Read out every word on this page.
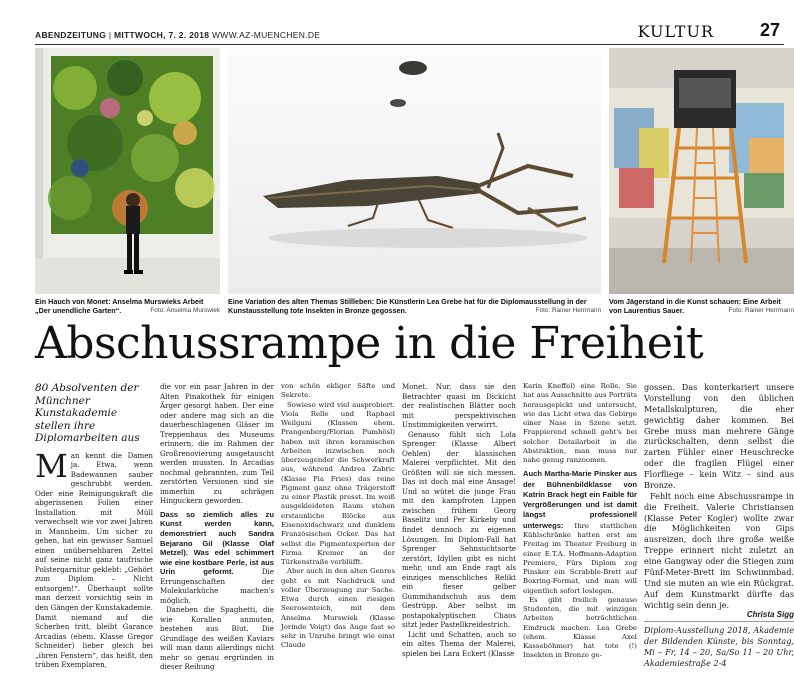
ABENDZEITUNG | MITTWOCH, 7. 2. 2018 WWW.AZ-MUENCHEN.DE	KULTUR	27
Ein Hauch von Monet: Anselma Murswieks Arbeit „Der unendliche Garten“.	Foto: Anselma Murswiek
Eine Variation des alten Themas Stillleben: Die Künstlerin Lea Grebe hat für die Diplomausstellung in der Kunstausstellung tote Insekten in Bronze gegossen.	Foto: Rainer Herrmann
Vom Jägerstand in die Kunst schauen: Eine Arbeit von Laurentius Sauer.	Foto: Rainer Herrmann
Abschussrampe in die Freiheit
80 Absolventen der Münchner Kunstakademie stellen ihre Diplomarbeiten aus

Man kennt die Damen ja. Etwa, wenn Badewannen sauber geschrubbt werden. Oder eine Reinigungskraft die abgerissenen Folien einer Installation mit Müll verwechselt wie vor zwei Jahren in Mannheim. Um sicher zu gehen, hat ein gewisser Samuel einen unübersehbaren Zettel auf seine nicht ganz taufrische Polstergarnitur geklebt: „Gehört zum Diplom – Nicht entsorgen!“. Überhaupt sollte man derzeit vorsichtig sein in den Gängen der Kunstakademie. Damit niemand auf die Scherben tritt, bleibt Garance Arcadias (ehem. Klasse Gregor Schneider) lieber gleich bei „ihren Fenstern“, das heißt, den trüben Exemplaren,

die vor ein paar Jahren in der Alten Pinakothek für einigen Ärger gesorgt haben. Der eine oder andere mag sich an die dauerbeschlagenen Gläser im Treppenhaus des Museums erinnern, die im Rahmen der Großrenovierung ausgetauscht werden mussten. In Arcadias nochmal gebrannten, zum Teil zerstörten Versionen sind sie immerhin zu schrägen Hinguckern geworden.

Dass so ziemlich alles zu Kunst werden kann, demonstriert auch Sandra Bejarano Gil (Klasse Olaf Metzel). Was edel schimmert wie eine kostbare Perle, ist aus Urin geformt. Die Errungenschaften der Molekularküche machen's möglich.

Daneben die Spaghetti, die wie Korallen anmuten, bestehen aus Blut. Die Grundlage des weißen Kaviars will man dann allerdings nicht mehr so genau ergründen in dieser Reihung

von schön ekliger Säfte und Sekrete.

Sowieso wird viel ausprobiert. Viola Relle und Raphael Weilguni (Klassen ehem. Prangenberg/Florian Pumhösl) haben mit ihren keramischen Arbeiten inzwischen noch überzeugender die Schwerkraft aus, während Andrea Zabric (Klasse Pia Fries) das reine Pigment ganz ohne Trägerstoff zu einer Plastik presst. Im weiß ausgekleideten Raum stehen erstaunliche Blöcke aus Eisenoxidschwarz und dunklem Französischen Ocker. Das hat selbst die Pigmentexperten der Firma Kremer an der Türkenstraße verblüfft.

Aber auch in den alten Genres geht es mit Nachdruck und voller Überzeugung zur Sache. Etwa durch einen riesigen Seerosenteich, mit dem Anselma Murswiek (Klasse Jorinde Voigt) das Auge fast so sehr in Unruhe bringt wie einst Claude

Monet. Nur, dass sie den Betrachter quasi im Dickicht der realistischen Blätter noch mit perspektivischen Unstimmigkeiten verwirrt.

Genauso fühlt sich Lola Sprenger (Klasse Albert Oehlen) der klassischen Malerei verpflichtet. Mit den Größten will sie sich messen. Das ist doch mal eine Ansage! Und so wütet die junge Frau mit den kampfroten Lippen zwischen frühem Georg Baselitz und Per Kirkeby und findet dennoch zu eigenen Lösungen. Im Diplom-Fall hat Sprenger Sehnsuchtsorte zerstört, Idyllen gibt es nicht mehr, und am Ende ragt als einziges menschliches Relikt ein fieser gelber Gummihandschuh aus dem Gestrüpp. Aber selbst im postapokalyptischen Chaos sitzt jeder Pastellkreidestrich.

Licht und Schatten, auch so ein altes Thema der Malerei, spielen bei Lara Eckert (Klasse

Karin Kneffel) eine Rolle. Sie hat aus Ausschnitte aus Porträts herausgepickt und untersucht, wie das Licht etwa das Gebirge einer Nase in Szene setzt. Frappierend schnell geht's bei solcher Detailarbeit in die Abstraktion, man muss nur nahe genug ranzoomen.

Auch Martha-Marie Pinsker aus der Bühnenbildklasse von Katrin Brack hegt ein Faible für Vergrößerungen und ist damit längst professionell unterwegs: Ihre stattlichen Kühlschränke hatten erst am Freitag im Theater Freiburg in einer E.T.A. Hoffmann-Adaption Premiere, Fürs Diplom zog Pinsker ein Scrabble-Brett auf Boxring-Format, und man will eigentlich sofort loslegen.

Es gibt freilich genauso Studenten, die mit winzigen Arbeiten beträchtlichen Eindruck machen. Lea Grebe (ehem. Klasse Axel Kasseböhmer) hat tote (!) Insekten in Bronze ge-

gossen. Das konterkariert unsere Vorstellung von den üblichen Metallskulpturen, die eher gewichtig daher kommen. Bei Grebe muss man mehrere Gänge zurückschalten, denn selbst die zarten Fühler einer Heuschrecke oder die fragilen Flügel einer Florfliege – kein Witz – sind aus Bronze.

Fehlt noch eine Abschussrampe in die Freiheit. Valerie Christiansen (Klasse Peter Kogler) wollte zwar die Möglichkeiten von Gips ausreizen, doch ihre große weiße Treppe erinnert nicht zuletzt an eine Gangway oder die Stiegen zum Fünf-Meter-Brett im Schwimmbad. Und sie muten an wie ein Rückgrat. Auf dem Kunstmarkt dürfte das wichtig sein denn je.

Christa Sigg

Diplom-Ausstellung 2018, Akademie der Bildenden Künste, bis Sonntag, Mi – Fr, 14 – 20, Sa/So 11 – 20 Uhr, Akademiestraße 2-4
